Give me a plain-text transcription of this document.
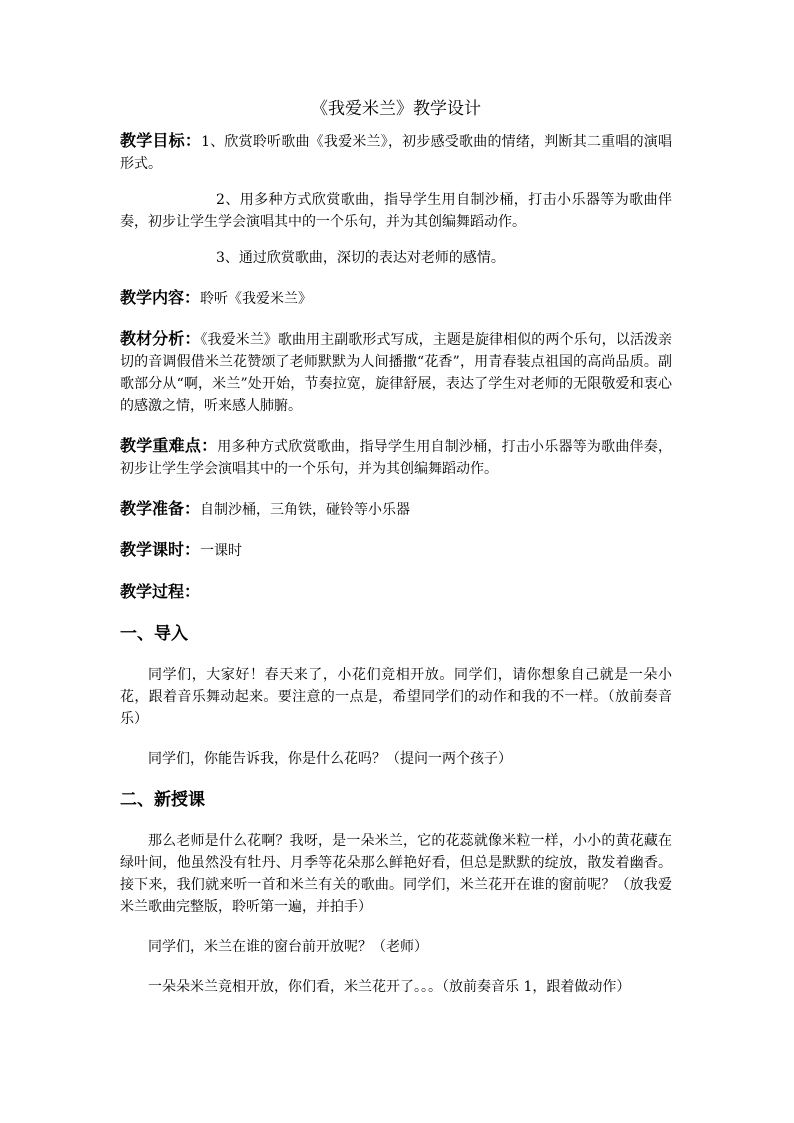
《我爱米兰》教学设计

教学目标：1、欣赏聆听歌曲《我爱米兰》，初步感受歌曲的情绪，判断其二重唱的演唱形式。

2、用多种方式欣赏歌曲，指导学生用自制沙桶，打击小乐器等为歌曲伴奏，初步让学生学会演唱其中的一个乐句，并为其创编舞蹈动作。

3、通过欣赏歌曲，深切的表达对老师的感情。

教学内容：聆听《我爱米兰》

教材分析：《我爱米兰》歌曲用主副歌形式写成，主题是旋律相似的两个乐句，以活泼亲切的音调假借米兰花赞颂了老师默默为人间播撒“花香”，用青春装点祖国的高尚品质。副歌部分从“啊，米兰”处开始，节奏拉宽，旋律舒展，表达了学生对老师的无限敬爱和衷心的感激之情，听来感人肺腑。

教学重难点：用多种方式欣赏歌曲，指导学生用自制沙桶，打击小乐器等为歌曲伴奏，初步让学生学会演唱其中的一个乐句，并为其创编舞蹈动作。

教学准备：自制沙桶，三角铁，碰铃等小乐器

教学课时：一课时

教学过程：

一、导入

同学们，大家好！春天来了，小花们竞相开放。同学们，请你想象自己就是一朵小花，跟着音乐舞动起来。要注意的一点是，希望同学们的动作和我的不一样。（放前奏音乐）

同学们，你能告诉我，你是什么花吗？（提问一两个孩子）

二、新授课

那么老师是什么花啊？我呀，是一朵米兰，它的花蕊就像米粒一样，小小的黄花藏在绿叶间，他虽然没有牡丹、月季等花朵那么鲜艳好看，但总是默默的绽放，散发着幽香。接下来，我们就来听一首和米兰有关的歌曲。同学们，米兰花开在谁的窗前呢？（放我爱米兰歌曲完整版，聆听第一遍，并拍手）

同学们，米兰在谁的窗台前开放呢？（老师）

一朵朵米兰竞相开放，你们看，米兰花开了。。。（放前奏音乐 1，跟着做动作）
